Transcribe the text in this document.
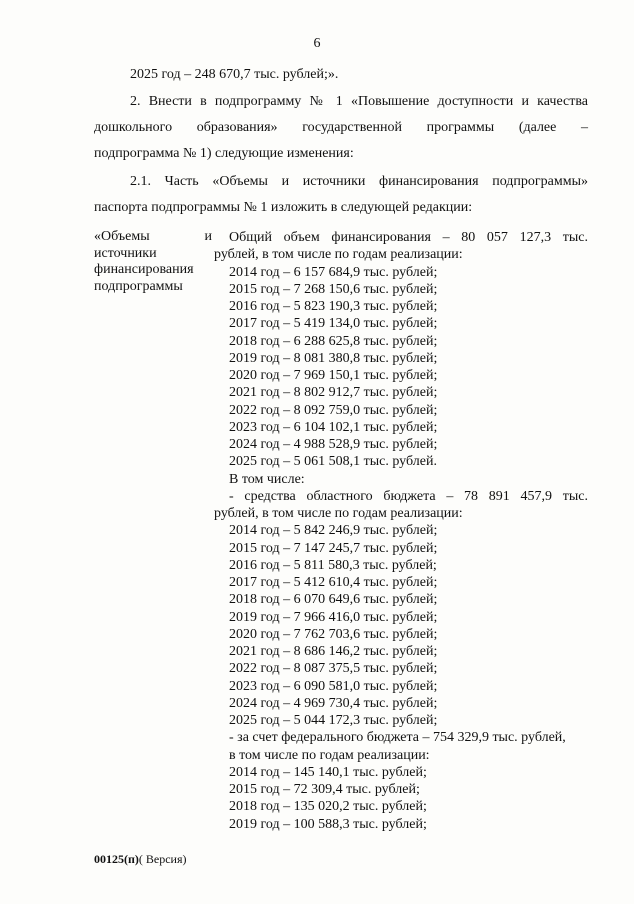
6
2025 год – 248 670,7 тыс. рублей;».
2. Внести в подпрограмму № 1 «Повышение доступности и качества
дошкольного образования» государственной программы (далее –
подпрограмма № 1) следующие изменения:
2.1. Часть «Объемы и источники финансирования подпрограммы»
паспорта подпрограммы № 1 изложить в следующей редакции:
«Объемы	и
источники
финансирования
подпрограммы
Общий объем финансирования – 80 057 127,3 тыс.
рублей, в том числе по годам реализации:
2014 год – 6 157 684,9 тыс. рублей;
2015 год – 7 268 150,6 тыс. рублей;
2016 год – 5 823 190,3 тыс. рублей;
2017 год – 5 419 134,0 тыс. рублей;
2018 год – 6 288 625,8 тыс. рублей;
2019 год – 8 081 380,8 тыс. рублей;
2020 год – 7 969 150,1 тыс. рублей;
2021 год – 8 802 912,7 тыс. рублей;
2022 год – 8 092 759,0 тыс. рублей;
2023 год – 6 104 102,1 тыс. рублей;
2024 год – 4 988 528,9 тыс. рублей;
2025 год – 5 061 508,1 тыс. рублей.
В том числе:
- средства областного бюджета – 78 891 457,9 тыс.
рублей, в том числе по годам реализации:
2014 год – 5 842 246,9 тыс. рублей;
2015 год – 7 147 245,7 тыс. рублей;
2016 год – 5 811 580,3 тыс. рублей;
2017 год – 5 412 610,4 тыс. рублей;
2018 год – 6 070 649,6 тыс. рублей;
2019 год – 7 966 416,0 тыс. рублей;
2020 год – 7 762 703,6 тыс. рублей;
2021 год – 8 686 146,2 тыс. рублей;
2022 год – 8 087 375,5 тыс. рублей;
2023 год – 6 090 581,0 тыс. рублей;
2024 год – 4 969 730,4 тыс. рублей;
2025 год – 5 044 172,3 тыс. рублей;
- за счет федерального бюджета – 754 329,9 тыс. рублей,
в том числе по годам реализации:
2014 год – 145 140,1 тыс. рублей;
2015 год – 72 309,4 тыс. рублей;
2018 год – 135 020,2 тыс. рублей;
2019 год – 100 588,3 тыс. рублей;
00125(п)( Версия)
